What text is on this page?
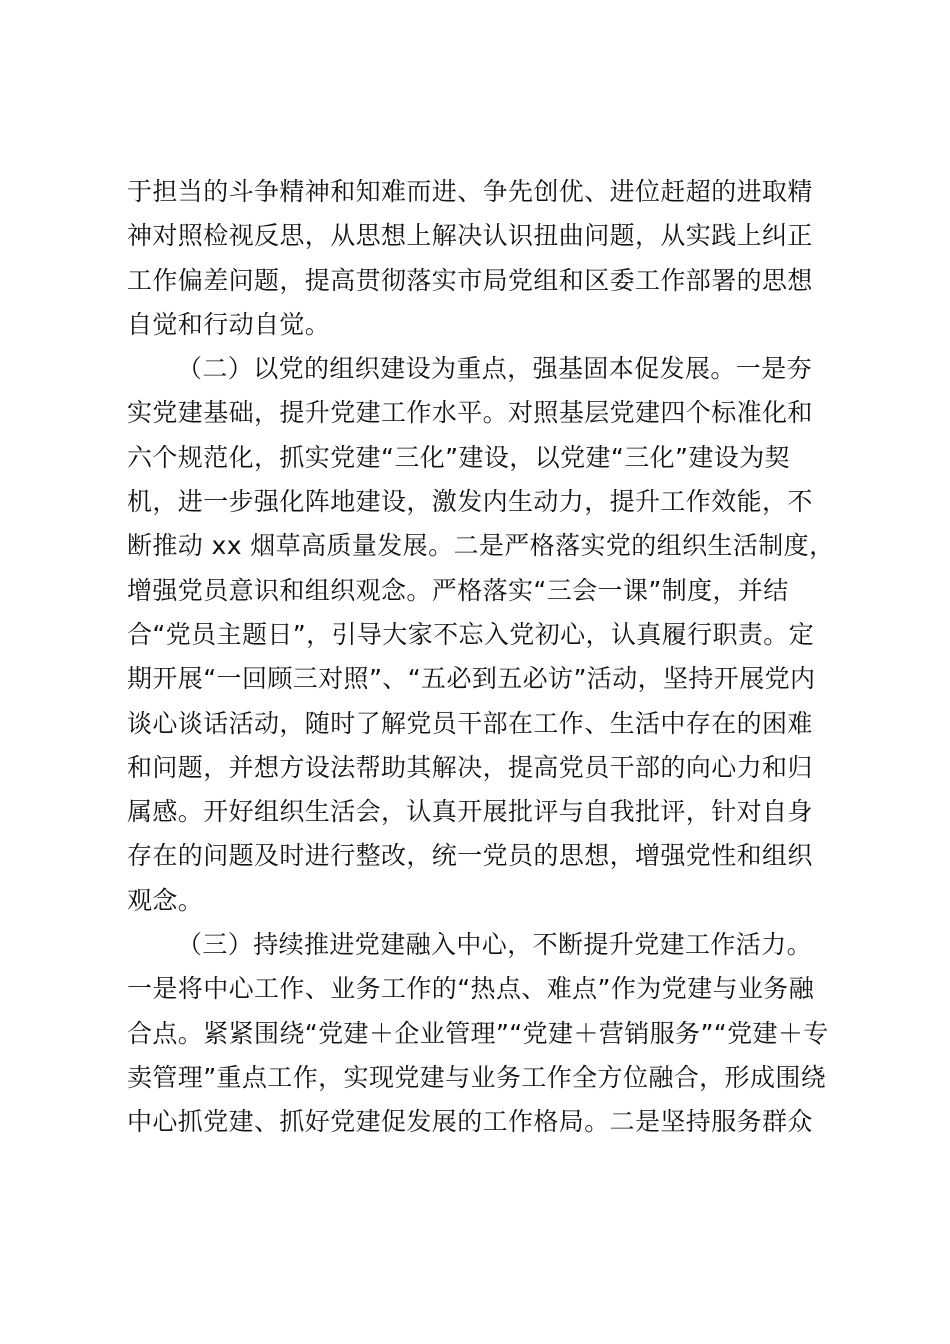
于担当的斗争精神和知难而进、争先创优、进位赶超的进取精
神对照检视反思，从思想上解决认识扭曲问题，从实践上纠正
工作偏差问题，提高贯彻落实市局党组和区委工作部署的思想
自觉和行动自觉。
（二）以党的组织建设为重点，强基固本促发展。一是夯
实党建基础，提升党建工作水平。对照基层党建四个标准化和
六个规范化，抓实党建“三化”建设，以党建“三化”建设为契
机，进一步强化阵地建设，激发内生动力，提升工作效能，不
断推动 xx 烟草高质量发展。二是严格落实党的组织生活制度，
增强党员意识和组织观念。严格落实“三会一课”制度，并结
合“党员主题日”，引导大家不忘入党初心，认真履行职责。定
期开展“一回顾三对照”、“五必到五必访”活动，坚持开展党内
谈心谈话活动，随时了解党员干部在工作、生活中存在的困难
和问题，并想方设法帮助其解决，提高党员干部的向心力和归
属感。开好组织生活会，认真开展批评与自我批评，针对自身
存在的问题及时进行整改，统一党员的思想，增强党性和组织
观念。
（三）持续推进党建融入中心，不断提升党建工作活力。
一是将中心工作、业务工作的“热点、难点”作为党建与业务融
合点。紧紧围绕“党建＋企业管理”“党建＋营销服务”“党建＋专
卖管理”重点工作，实现党建与业务工作全方位融合，形成围绕
中心抓党建、抓好党建促发展的工作格局。二是坚持服务群众
